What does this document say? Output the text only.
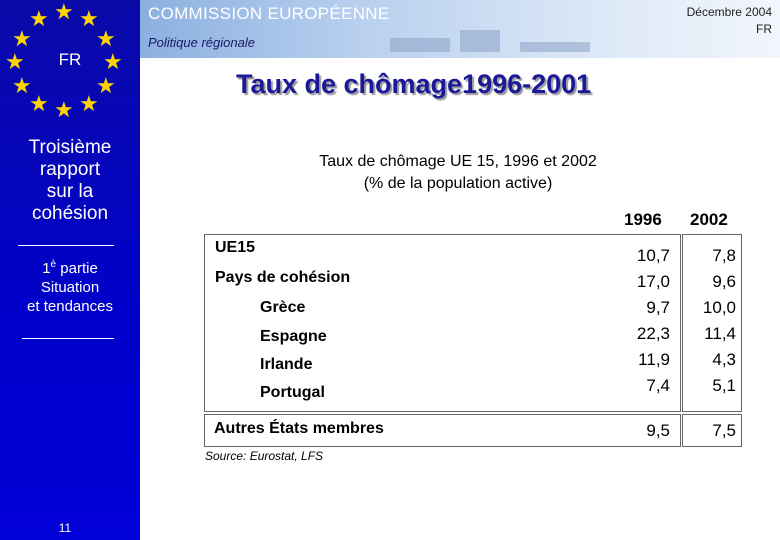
★ ★
★
★
★
★
★
★
★
★
★
★
FR
Troisième
rapport
sur la
cohésion
$1^è$ partie
Situation
et tendances
11
COMMISSION EUROPÉENNE
Politique régionale
Décembre 2004
FR
Taux de chômage1996-2001
Taux de chômage UE 15, 1996 et 2002
(% de la population active)
1996 2002
UE15
Pays de cohésion
Grèce
Espagne
Irlande
Portugal
Autres États membres
10,7
17,0
9,7
22,3
11,9
7,4
9,5
7,8
9,6
10,0
11,4
4,3
5,1
7,5
Source: Eurostat, LFS
